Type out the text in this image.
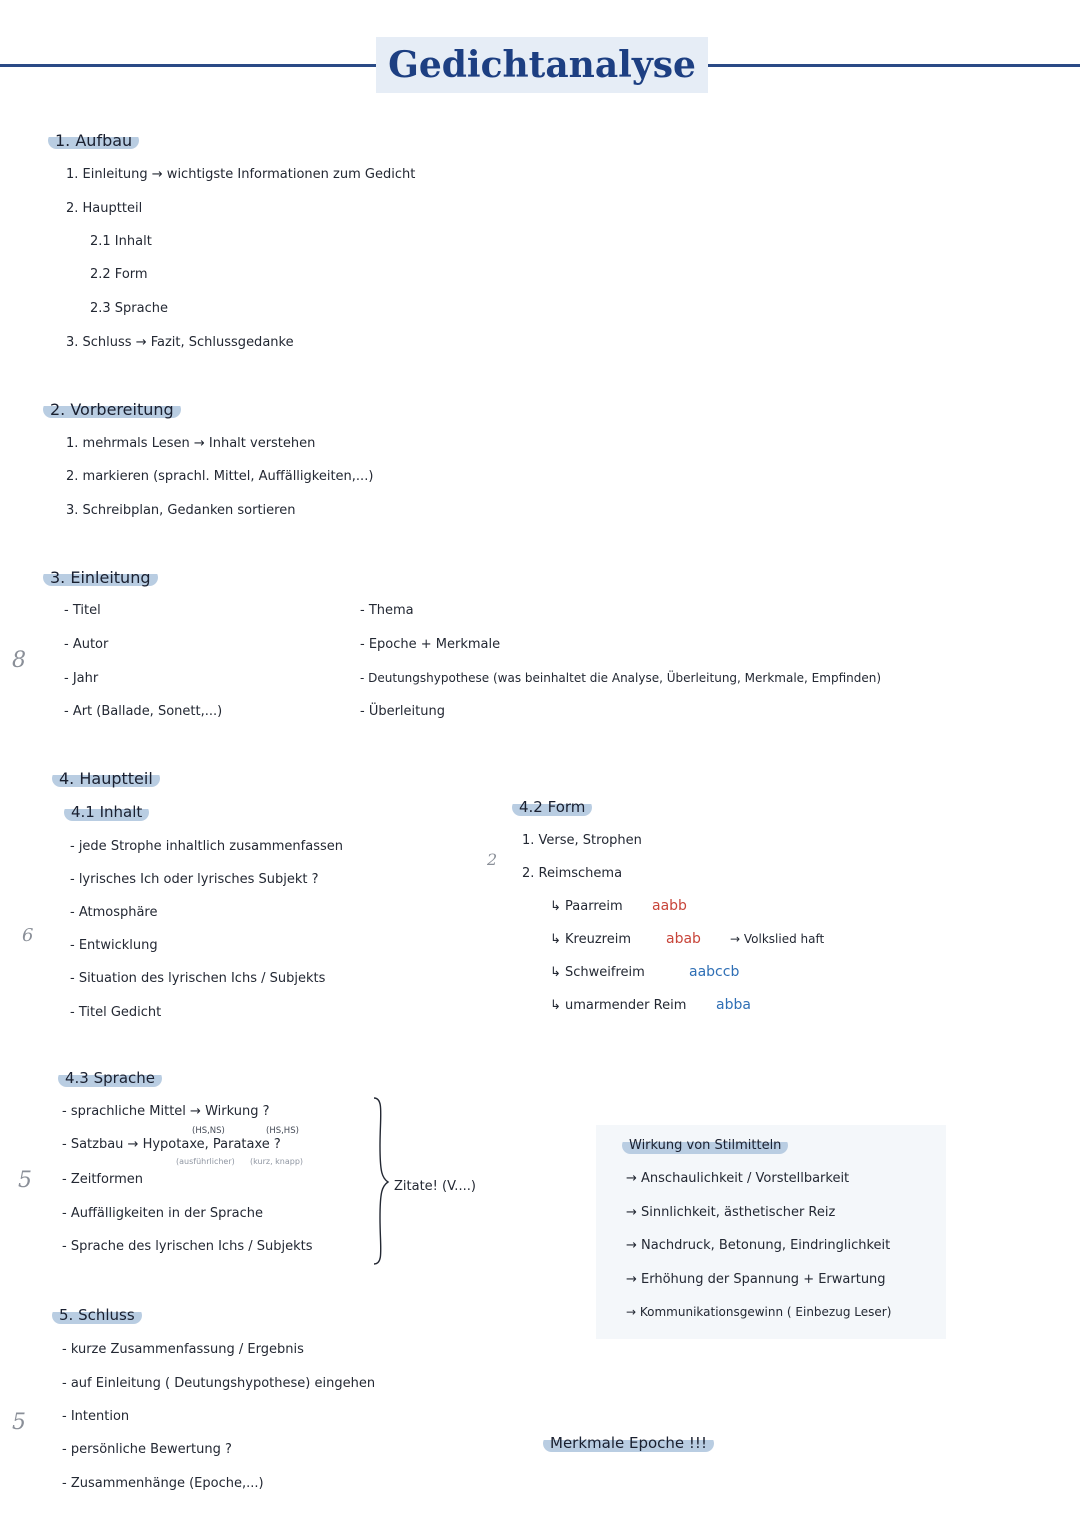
Gedichtanalyse
8
6
5
5
2
1. Aufbau
1. Einleitung → wichtigste Informationen zum Gedicht
2. Hauptteil
2.1 Inhalt
2.2 Form
2.3 Sprache
3. Schluss → Fazit, Schlussgedanke
2. Vorbereitung
1. mehrmals Lesen → Inhalt verstehen
2. markieren (sprachl. Mittel, Auffälligkeiten,...)
3. Schreibplan, Gedanken sortieren
3. Einleitung
- Titel
- Autor
- Jahr
- Art (Ballade, Sonett,...)
- Thema
- Epoche + Merkmale
- Deutungshypothese (was beinhaltet die Analyse, Überleitung, Merkmale, Empfinden)
- Überleitung
4. Hauptteil
4.1 Inhalt
- jede Strophe inhaltlich zusammenfassen
- lyrisches Ich oder lyrisches Subjekt ?
- Atmosphäre
- Entwicklung
- Situation des lyrischen Ichs / Subjekts
- Titel Gedicht
4.2 Form
1. Verse, Strophen
2. Reimschema
↳ Paarreim aabb
↳ Kreuzreim abab → Volkslied haft
↳ Schweifreim	aabccb
↳ umarmender Reim abba
4.3 Sprache
- sprachliche Mittel → Wirkung ?
(HS,NS)	(HS,HS)
- Satzbau → Hypotaxe, Parataxe ?
(ausführlicher) (kurz, knapp)
- Zeitformen
- Auffälligkeiten in der Sprache
- Sprache des lyrischen Ichs / Subjekts
Zitate! (V....)
Wirkung von Stilmitteln
→ Anschaulichkeit / Vorstellbarkeit
→ Sinnlichkeit, ästhetischer Reiz
→ Nachdruck, Betonung, Eindringlichkeit
→ Erhöhung der Spannung + Erwartung
→ Kommunikationsgewinn ( Einbezug Leser)
5. Schluss
- kurze Zusammenfassung / Ergebnis
- auf Einleitung ( Deutungshypothese) eingehen
- Intention
- persönliche Bewertung ?
- Zusammenhänge (Epoche,...)
Merkmale Epoche !!!
